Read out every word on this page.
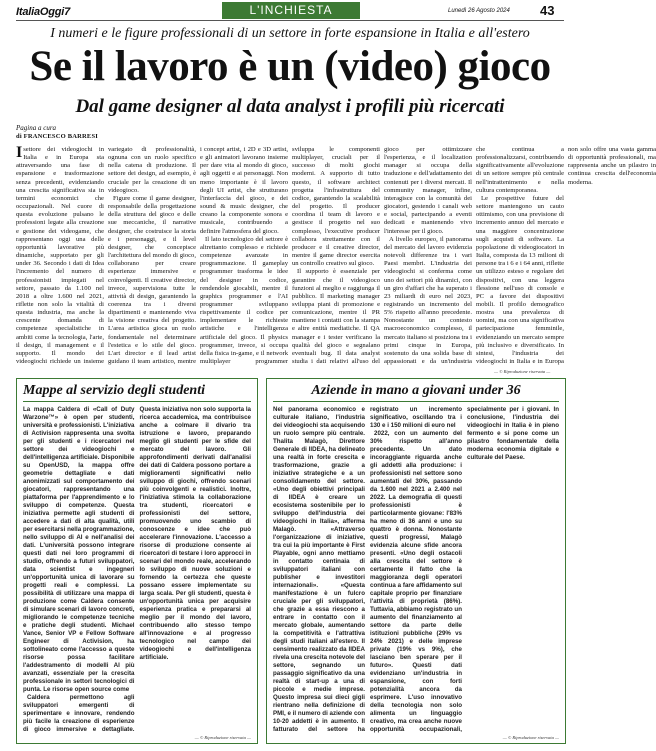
ItaliaOggi7	L'INCHIESTA	Lunedì 26 Agosto 2024 43
I numeri e le figure professionali di un settore in forte espansione in Italia e all'estero
Se il lavoro è un (video) gioco
Dal game designer al data analyst i profili più ricercati
Pagina a cura
di FRANCESCO BARRESI

Isettore dei videogiochi in Italia e in Europa sta attraversando una fase di espansione e trasformazione senza precedenti, evidenziando una crescita significativa sia in termini economici che occupazionali. Nel cuore di questa evoluzione pulsano le professioni legate alla creazione e gestione dei videogame, che rappresentano oggi una delle opportunità lavorative più dinamiche, supportato per gli under 36. Secondo i dati di Idea l'incremento del numero di professionisti impiegati nel settore, passato da 1.100 nel 2018 a oltre 1.600 nel 2021, riflette non solo la vitalità di questa industria, ma anche la crescente domanda di competenze specialistiche in ambiti come la tecnologia, l'arte, il design, il management e il supporto. Il mondo dei videogiochi richiede un insieme variegato di professionalità, ognuna con un ruolo specifico nella catena di produzione. Il settore dei design, ad esempio, è cruciale per la creazione di un videogioco.

Figure come il game designer, responsabile della progettazione della struttura del gioco e delle sue meccaniche, il narrative designer, che costruisce la storia e i personaggi, e il level designer, che concepisce l'architettura del mondo di gioco, collaborano per creare esperienze immersive e coinvolgenti. Il creative director, invece, supervisiona tutte le attività di design, garantendo la coerenza tra i diversi dipartimenti e mantenendo viva la visione creativa del progetto. L'area artistica gioca un ruolo fondamentale nel determinare l'estetica e lo stile del gioco. L'art director e il lead artist guidano il team artistico, mentre i concept artist, i 2D e 3D artist, e gli animatori lavorano insieme per dare vita al mondo di gioco, agli oggetti e ai personaggi. Non meno importante è il lavoro degli UI artist, che strutturano l'interfaccia del gioco, e dei sound & music designer, che creano la componente sonora e musicale, contribuendo a definire l'atmosfera del gioco.

Il lato tecnologico del settore è altrettanto complesso e richiede competenze avanzate in programmazione. Il gameplay programmer trasforma le idee del designer in codice, rendendole giocabili, mentre il graphics programmer e l'AI programmer sviluppano rispettivamente il codice per implementare le richieste artistiche e l'intelligenza artificiale del gioco. Il physics programmer, invece, si occupa della fisica in-game, e il network multiplayer programmer sviluppa le componenti multiplayer, cruciali per il successo di molti giochi moderni. A supporto di tutto questo, il software architect progetta l'infrastruttura del codice, garantendo la scalabilità del progetto. Il producer coordina il team di lavoro e gestisce il progetto nel suo complesso, l'executive producer collabora strettamente con il producer e il creative director, mentre il game director esercita un controllo creativo sul gioco.

Il supporto è essenziale per garantire che il videogioco funzioni al meglio e raggiunga il pubblico. Il marketing manager sviluppa piani di promozione e comunicazione, mentre il PR mantiene i contatti con la stampa e altre entità mediatiche. Il QA manager e i tester verificano la qualità del gioco e segnalano eventuali bug. Il data analyst studia i dati relativi all'uso del gioco per ottimizzare l'esperienza, e il localization manager si occupa della traduzione e dell'adattamento dei contenuti per i diversi mercati. Il community manager, infine, interagisce con la comunità dei giocatori, gestendo i canali web e social, partecipando a eventi dedicati e mantenendo vivo l'interesse per il gioco.

A livello europeo, il panorama del mercato del lavoro evidenzia notevoli differenze tra i vari Paesi membri. L'industria dei videogiochi si conferma come uno dei settori più dinamici, con un giro d'affari che ha superato i 23 miliardi di euro nel 2023, registrando un incremento del 5% rispetto all'anno precedente. Nonostante un contesto macroeconomico complesso, il mercato italiano si posiziona tra i primi cinque in Europa, sostenuto da una solida base di appassionati e da un'industria che continua a professionalizzarsi, contribuendo significativamente all'evoluzione di un settore sempre più centrale nell'intrattenimento e nella cultura contemporanea.

Le prospettive future del settore mantengono un cauto ottimismo, con una previsione di incremento annuo del mercato e una maggiore concentrazione sugli acquisti di software. La popolazione di videogiocatori in Italia, composta da 13 milioni di persone tra i 6 e i 64 anni, riflette un utilizzo esteso e regolare dei dispositivi, con una leggera flessione nell'uso di console e PC a favore dei dispositivi mobili. Il profilo demografico mostra una prevalenza di uomini, ma con una significativa partecipazione femminile, evidenziando un mercato sempre più inclusivo e diversificato. In sintesi, l'industria dei videogiochi in Italia e in Europa non solo offre una vasta gamma di opportunità professionali, ma rappresenta anche un pilastro in continua crescita dell'economia moderna.

— © Riproduzione riservata —
Mappe al servizio degli studenti

La mappa Caldera di «Call of Duty Warzone™» è open per studenti, università e professionisti. L'iniziativa di Activision rappresenta una svolta per gli studenti e i ricercatori nel settore dei videogiochi e dell'intelligenza artificiale. Disponibile su OpenUSD, la mappa offre geometrie dettagliate e dati anonimizzati sul comportamento dei giocatori, rappresentando una piattaforma per l'apprendimento e lo sviluppo di competenze. Questa iniziativa permette agli studenti di accedere a dati di alta qualità, utili per esercitarsi nella programmazione, nello sviluppo di AI e nell'analisi dei dati. L'università possono integrare questi dati nei loro programmi di studio, offrendo a futuri sviluppatori, data scientist e ingegneri un'opportunità unica di lavorare su progetti reali e complessi. La possibilità di utilizzare una mappa di produzione come Caldera consente di simulare scenari di lavoro concreti, migliorando le competenze tecniche e pratiche degli studenti. Michael Vance, Senior VP e Fellow Software Engineer di Activision, ha sottolineato come l'accesso a queste risorse possa facilitare l'addestramento di modelli AI più avanzati, essenziale per la crescita professionale in settori tecnologici di punta. Le risorse open source come

Caldera permettono agli sviluppatori emergenti di sperimentare e innovare, rendendo più facile la creazione di esperienze di gioco immersive e dettagliate. Questa iniziativa non solo supporta la ricerca accademica, ma contribuisce anche a colmare il divario tra istruzione e lavoro, preparando meglio gli studenti per le sfide del mercato del lavoro. Gli approfondimenti derivati dall'analisi dei dati di Caldera possono portare a miglioramenti significativi nello sviluppo di giochi, offrendo scenari più coinvolgenti e realistici. Inoltre, l'iniziativa stimola la collaborazione tra studenti, ricercatori e professionisti del settore, promuovendo uno scambio di conoscenze e idee che può accelerare l'innovazione. L'accesso a risorse di produzione consente ai ricercatori di testare i loro approcci in scenari del mondo reale, accelerando lo sviluppo di nuove soluzioni e fornendo la certezza che queste possano essere implementate su larga scala. Per gli studenti, questa è un'opportunità unica per acquisire esperienza pratica e prepararsi al meglio per il mondo del lavoro, contribuendo allo stesso tempo all'innovazione e al progresso tecnologico nel campo dei videogiochi e dell'intelligenza artificiale.

— © Riproduzione riservata —
Aziende in mano a giovani under 36

Nel panorama economico e culturale italiano, l'industria dei videogiochi sta acquisendo un ruolo sempre più centrale. Thalita Malagò, Direttore Generale di IIDEA, ha delineato una realtà in forte crescita e trasformazione, grazie a iniziative strategiche e a un consolidamento del settore. «Uno degli obiettivi principali di IIDEA è creare un ecosistema sostenibile per lo sviluppo dell'industria dei videogiochi in Italia», afferma Malagò. «Attraverso l'organizzazione di iniziative, tra cui la più importante è First Playable, ogni anno mettiamo in contatto centinaia di sviluppatori italiani con publisher e investitori internazionali». «Questa manifestazione è un fulcro cruciale per gli sviluppatori, che grazie a essa riescono a entrare in contatto con il mercato globale, aumentando la competitività e l'attrattiva degli studi italiani all'estero. Il censimento realizzato da IIDEA rivela una crescita notevole del settore, segnando un passaggio significativo da una realtà di start-up a una di piccole e medie imprese. Questo impresa sui dieci gigli rientrano nella definizione di PMI, e il numero di aziende con 10-20 addetti è in aumento. Il fatturato del settore ha registrato un incremento significativo, oscillando tra i 130 e i 150 milioni di euro nel

2022, con un aumento del 30% rispetto all'anno precedente. Un dato incoraggiante riguarda anche gli addetti alla produzione: i professionisti nel settore sono aumentati del 30%, passando da 1.600 nel 2021 a 2.400 nel 2022. La demografia di questi professionisti è particolarmente giovane: l'83% ha meno di 36 anni e uno su quattro è donna. Nonostante questi progressi, Malagò evidenzia alcune sfide ancora presenti. «Uno degli ostacoli alla crescita del settore è certamente il fatto che la maggioranza degli operatori continua a fare affidamento sul capitale proprio per finanziare l'attività di proprietà (86%). Tuttavia, abbiamo registrato un aumento del finanziamento al settore da parte delle istituzioni pubbliche (29% vs 24% 2021) e delle imprese private (19% vs 9%), che lasciano ben sperare per il futuro». Questi dati evidenziano un'industria in espansione, con forti potenzialità ancora da esprimere. L'uso innovativo della tecnologia non solo alimenta un linguaggio creativo, ma crea anche nuove opportunità occupazionali, specialmente per i giovani. In conclusione, l'industria dei videogiochi in Italia è in pieno fermento e si pone come un pilastro fondamentale della moderna economia digitale e culturale del Paese.

— © Riproduzione riservata —
